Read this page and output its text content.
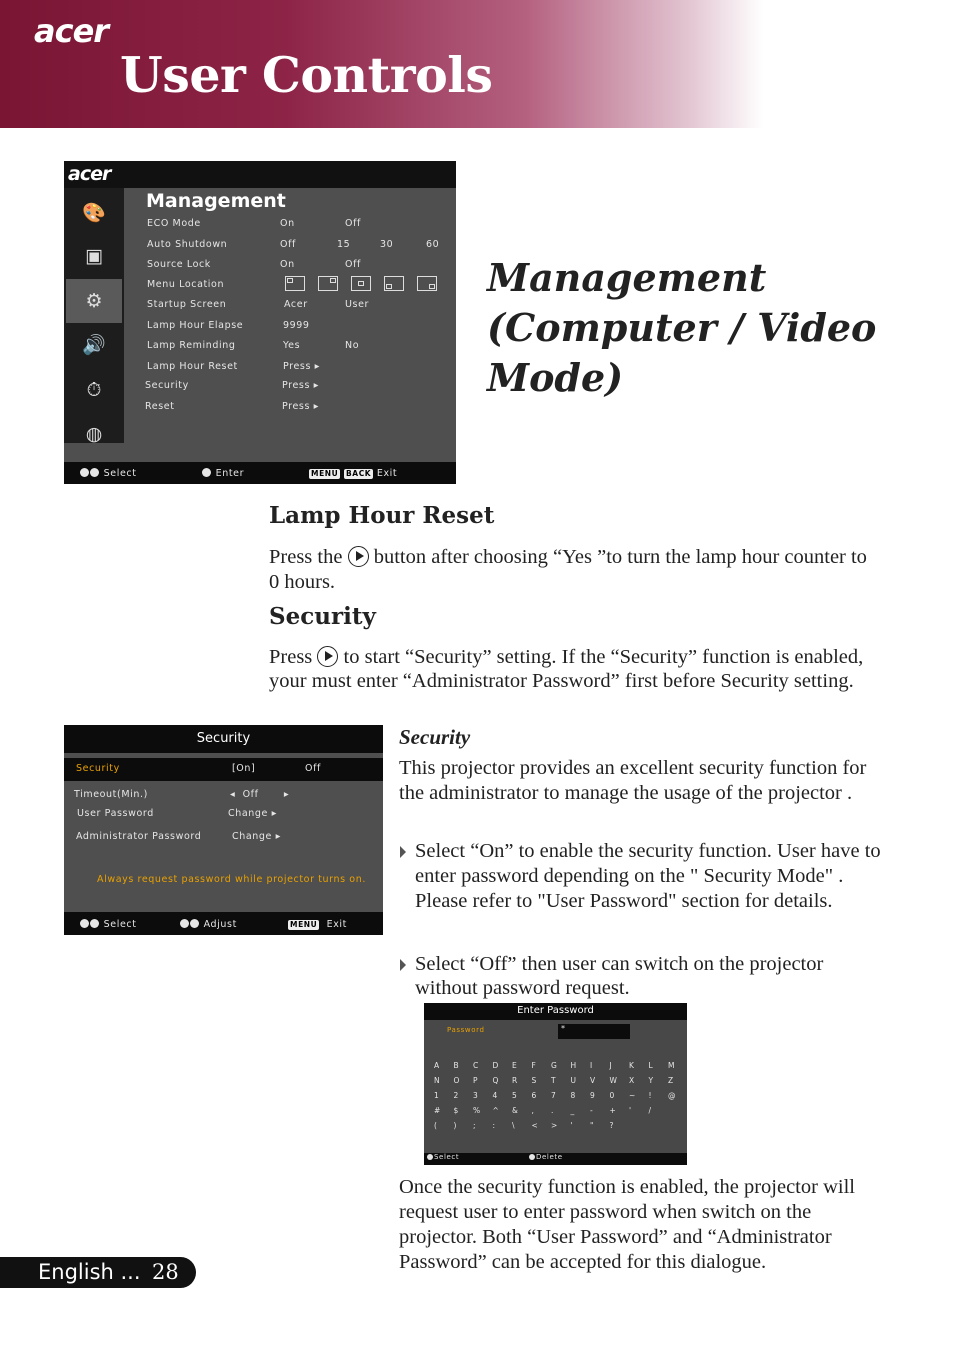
acer
User Controls
acer
🎨
▣
⚙
🔊
⏱
◍
Management
ECO Mode	On	Off
Auto Shutdown	Off	15	30	60
Source Lock	On	Off
Menu Location
Startup Screen	Acer	User
Lamp Hour Elapse	9999
Lamp Reminding	Yes	No
Lamp Hour Reset	Press ▸
Security	Press ▸
Reset	Press ▸
Select	Enter	MENU BACK Exit
Management (Computer / Video Mode)
Lamp Hour Reset
Press the  button after choosing “Yes ”to turn the lamp hour counter to 0 hours.
Security
Press  to start “Security” setting. If the “Security” function is enabled, your must enter “Administrator Password” first before Security setting.
Security
Security	[On]	Off
Timeout(Min.)	◂  Off       ▸
User Password	Change ▸
Administrator Password	Change ▸
Always request password while projector turns on.
Select	Adjust	MENU Exit
Security
This projector provides an excellent security function for the administrator to manage the usage of the projector .
Select “On” to enable the security function. User have to enter password depending on the " Security Mode" . Please refer to "User Password" section for details.
Select “Off” then user can switch on the projector without password request.
Enter Password
Password	*
A B C D E F G H I J K L M
N O P Q R S T U V W X Y Z
1 2 3 4 5 6 7 8 9 0 ~ ! @
# $ % ^ & , . _ - + ' /
( ) ; : \ < > ' " ?
Select	Delete
Once the security function is enabled, the projector will request user to enter password when switch on the projector. Both “User Password” and “Administrator Password” can be accepted for this dialogue.
English ... 28
